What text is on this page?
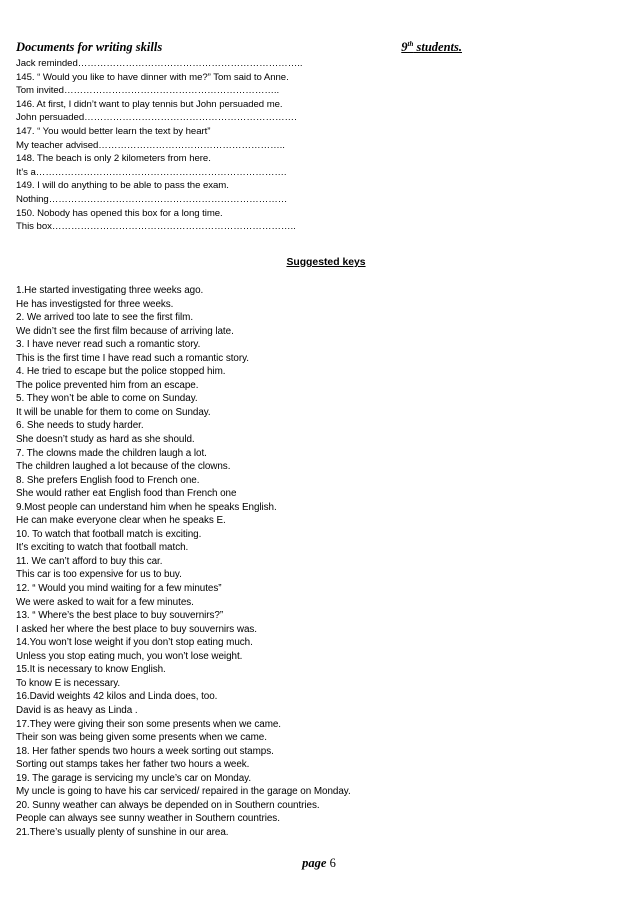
Documents for writing skills	9th students.
Jack reminded……………………………………………………………..
145. “ Would you like to have dinner with me?” Tom said to Anne.
Tom invited…………………………………………………………..
146. At first, I didn’t want to play tennis but John persuaded me.
John persuaded………………………………………………………….
147. “ You would better learn the text by heart”
My teacher advised…………………………………………………..
148. The beach is only 2 kilometers from here.
It’s a…………………………………………………………………….
149. I will do anything to be able to pass the exam.
Nothing…………………………………………………………………
150. Nobody has opened this box for a long time.
This box…………………………………………………………………..
Suggested keys
1.He started investigating three weeks ago.
He has investigsted for three weeks.
2. We arrived too late to see the first film.
We didn’t see the first film because of arriving late.
3. I have never read such a romantic story.
This is the first time I have read such a romantic story.
4. He tried to escape but the police stopped him.
The police prevented him from an escape.
5. They won’t be able to come on Sunday.
It will be unable for them to come on Sunday.
6. She needs to study harder.
She doesn’t study as hard as she should.
7. The clowns made the children laugh a lot.
The children laughed a lot because of the clowns.
8. She prefers English food to French one.
She would rather eat English food than French one
9.Most people can understand him when he speaks English.
He can make everyone clear when he speaks E.
10. To watch that football match is exciting.
It’s exciting to watch that football match.
11. We can’t afford to buy this car.
This car is too expensive for us to buy.
12. “ Would you mind waiting for a few minutes”
We were asked to wait for a few minutes.
13. “ Where’s the best place to buy souvernirs?”
I asked her where the best place to buy souvernirs was.
14.You won’t lose weight if you don’t stop eating much.
Unless you stop eating much, you won’t lose weight.
15.It is necessary to know English.
To know E is necessary.
16.David weights 42 kilos and Linda does, too.
David is as heavy as Linda .
17.They were giving their son some presents when we came.
Their son was being given some presents when we came.
18. Her father spends two hours a week sorting out stamps.
Sorting out stamps takes her father two hours a week.
19. The garage is servicing my uncle’s car on Monday.
My uncle is going to have his car serviced/ repaired in the garage on Monday.
20. Sunny weather can always be depended on in Southern countries.
People can always see sunny weather in Southern countries.
21.There’s usually plenty of sunshine in our area.
page 6
